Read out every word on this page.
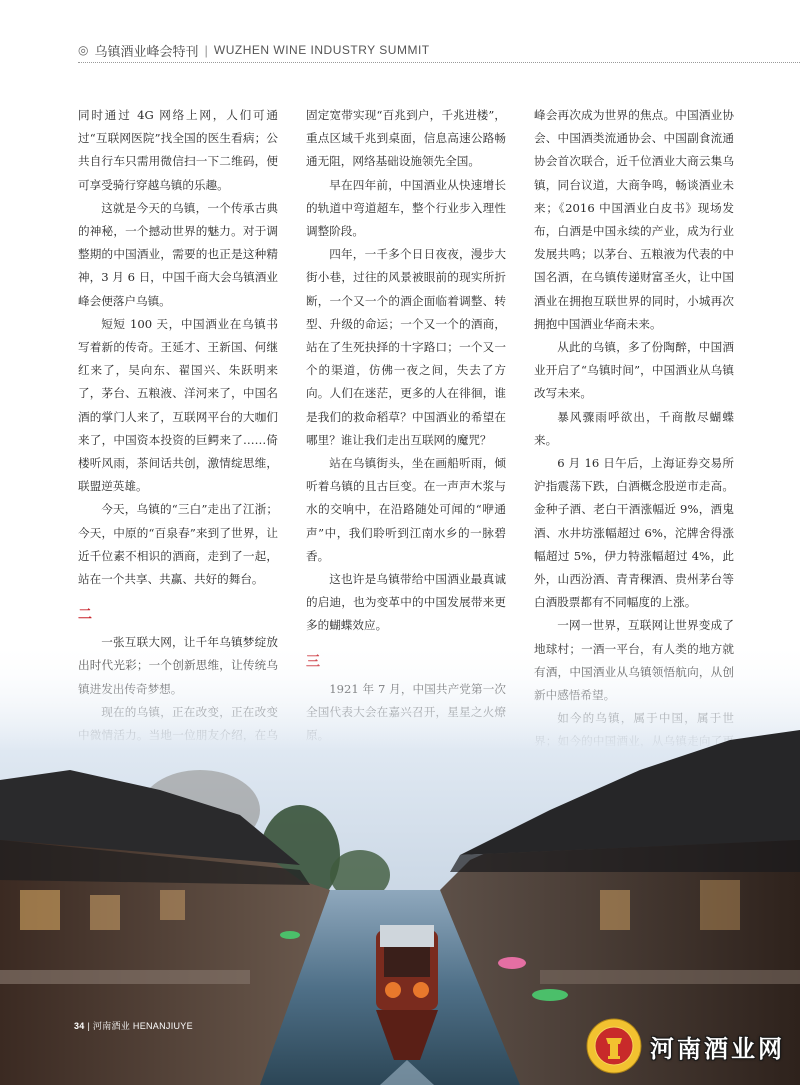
◎ 乌镇酒业峰会特刊 | WUZHEN WINE INDUSTRY SUMMIT

同时通过 4G 网络上网，人们可通过“互联网医院”找全国的医生看病；公共自行车只需用微信扫一下二维码，便可享受骑行穿越乌镇的乐趣。

这就是今天的乌镇，一个传承古典的神秘，一个撼动世界的魅力。对于调整期的中国酒业，需要的也正是这种精神，3 月 6 日，中国千商大会乌镇酒业峰会便落户乌镇。

短短 100 天，中国酒业在乌镇书写着新的传奇。王延才、王新国、何继红来了，吴向东、翟国兴、朱跃明来了，茅台、五粮液、洋河来了，中国名酒的掌门人来了，互联网平台的大咖们来了，中国资本投资的巨鳄来了……倚楼听风雨，茶间话共创，激情绽思维，联盟逆英雄。

今天，乌镇的“三白”走出了江浙；今天，中原的“百泉春”来到了世界，让近千位素不相识的酒商，走到了一起，站在一个共享、共赢、共好的舞台。

二

固定宽带实现“百兆到户，千兆进楼”，重点区域千兆到桌面，信息高速公路畅通无阻，网络基础设施领先全国。

早在四年前，中国酒业从快速增长的轨道中弯道超车，整个行业步入理性调整阶段。

四年，一千多个日日夜夜，漫步大街小巷，过往的风景被眼前的现实所折断，一个又一个的酒企面临着调整、转型、升级的命运；一个又一个的酒商，站在了生死抉择的十字路口；一个又一个的渠道，仿佛一夜之间，失去了方向。人们在迷茫，更多的人在徘徊，谁是我们的救命稻草？中国酒业的希望在哪里？谁让我们走出互联网的魔咒？

站在乌镇街头，坐在画船听雨，倾听着乌镇的且古巨变。在一声声木浆与水的交响中，在沿路随处可闻的“咿通声”中，我们聆听到江南水乡的一脉碧香。

这也许是乌镇带给中国酒业最真诚的启迪，也为变革中的中国发展带来更多的蝴蝶效应。

峰会再次成为世界的焦点。中国酒业协会、中国酒类流通协会、中国副食流通协会首次联合，近千位酒业大商云集乌镇，同台议道，大商争鸣，畅谈酒业未来；《2016 中国酒业白皮书》现场发布，白酒是中国永续的产业，成为行业发展共鸣；以茅台、五粮液为代表的中国名酒，在乌镇传递财富圣火，让中国酒业在拥抱互联世界的同时，小城再次拥抱中国酒业华商未来。

从此的乌镇，多了份陶醉，中国酒业开启了“乌镇时间”，中国酒业从乌镇改写未来。

暴风骤雨呼欲出，千商散尽蝴蝶来。

6 月 16 日午后，上海证券交易所沪指震荡下跌，白酒概念股逆市走高。金种子酒、老白干酒涨幅近 9%，酒鬼酒、水井坊涨幅超过 6%，沱牌舍得涨幅超过 5%，伊力特涨幅超过 4%，此外，山西汾酒、青青稞酒、贵州茅台等白酒股票都有不同幅度的上涨。

一网一世界，互联网让世界变成了

34 | 河南酒业 HENANJIUYE
河南酒业网
